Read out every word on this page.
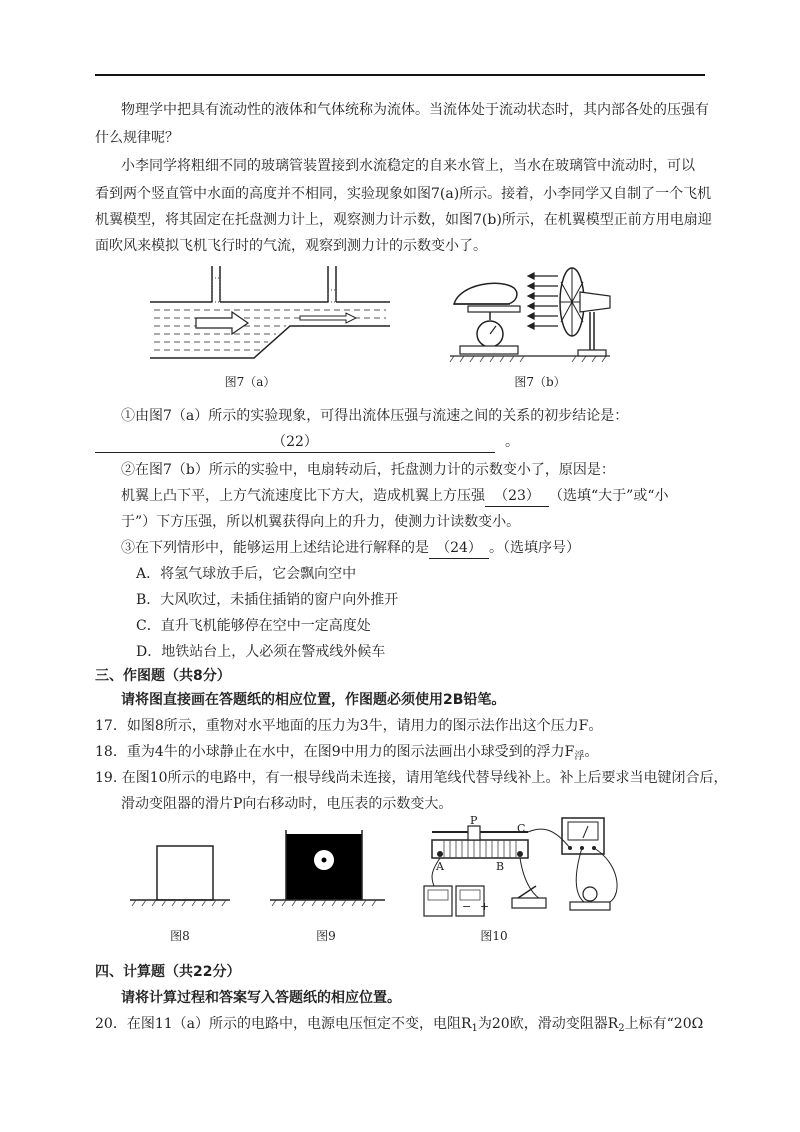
物理学中把具有流动性的液体和气体统称为流体。当流体处于流动状态时，其内部各处的压强有
什么规律呢？
小李同学将粗细不同的玻璃管装置接到水流稳定的自来水管上，当水在玻璃管中流动时，可以
看到两个竖直管中水面的高度并不相同，实验现象如图7(a)所示。接着，小李同学又自制了一个飞机
机翼模型，将其固定在托盘测力计上，观察测力计示数，如图7(b)所示，在机翼模型正前方用电扇迎
面吹风来模拟飞机飞行时的气流，观察到测力计的示数变小了。
图7（a）	图7（b）
①由图7（a）所示的实验现象，可得出流体压强与流速之间的关系的初步结论是：
（22）	。
②在图7（b）所示的实验中，电扇转动后，托盘测力计的示数变小了，原因是：
机翼上凸下平，上方气流速度比下方大，造成机翼上方压强 （23） （选填“大于”或“小
于”）下方压强，所以机翼获得向上的升力，使测力计读数变小。
③在下列情形中，能够运用上述结论进行解释的是 （24） 。（选填序号）
A．将氢气球放手后，它会飘向空中
B．大风吹过，未插住插销的窗户向外推开
C．直升飞机能够停在空中一定高度处
D．地铁站台上，人必须在警戒线外候车
三、作图题（共8分）
请将图直接画在答题纸的相应位置，作图题必须使用2B铅笔。
17．如图8所示，重物对水平地面的压力为3牛，请用力的图示法作出这个压力F。
18．重为4牛的小球静止在水中，在图9中用力的图示法画出小球受到的浮力$F_浮$。
19. 在图10所示的电路中，有一根导线尚未连接，请用笔线代替导线补上。补上后要求当电键闭合后，
滑动变阻器的滑片P向右移动时，电压表的示数变大。
图8	图9
P
C
A	B
− +
图10
四、计算题（共22分）
请将计算过程和答案写入答题纸的相应位置。
20．在图11（a）所示的电路中，电源电压恒定不变，电阻$R_1$为20欧，滑动变阻器$R_2$上标有“20Ω
